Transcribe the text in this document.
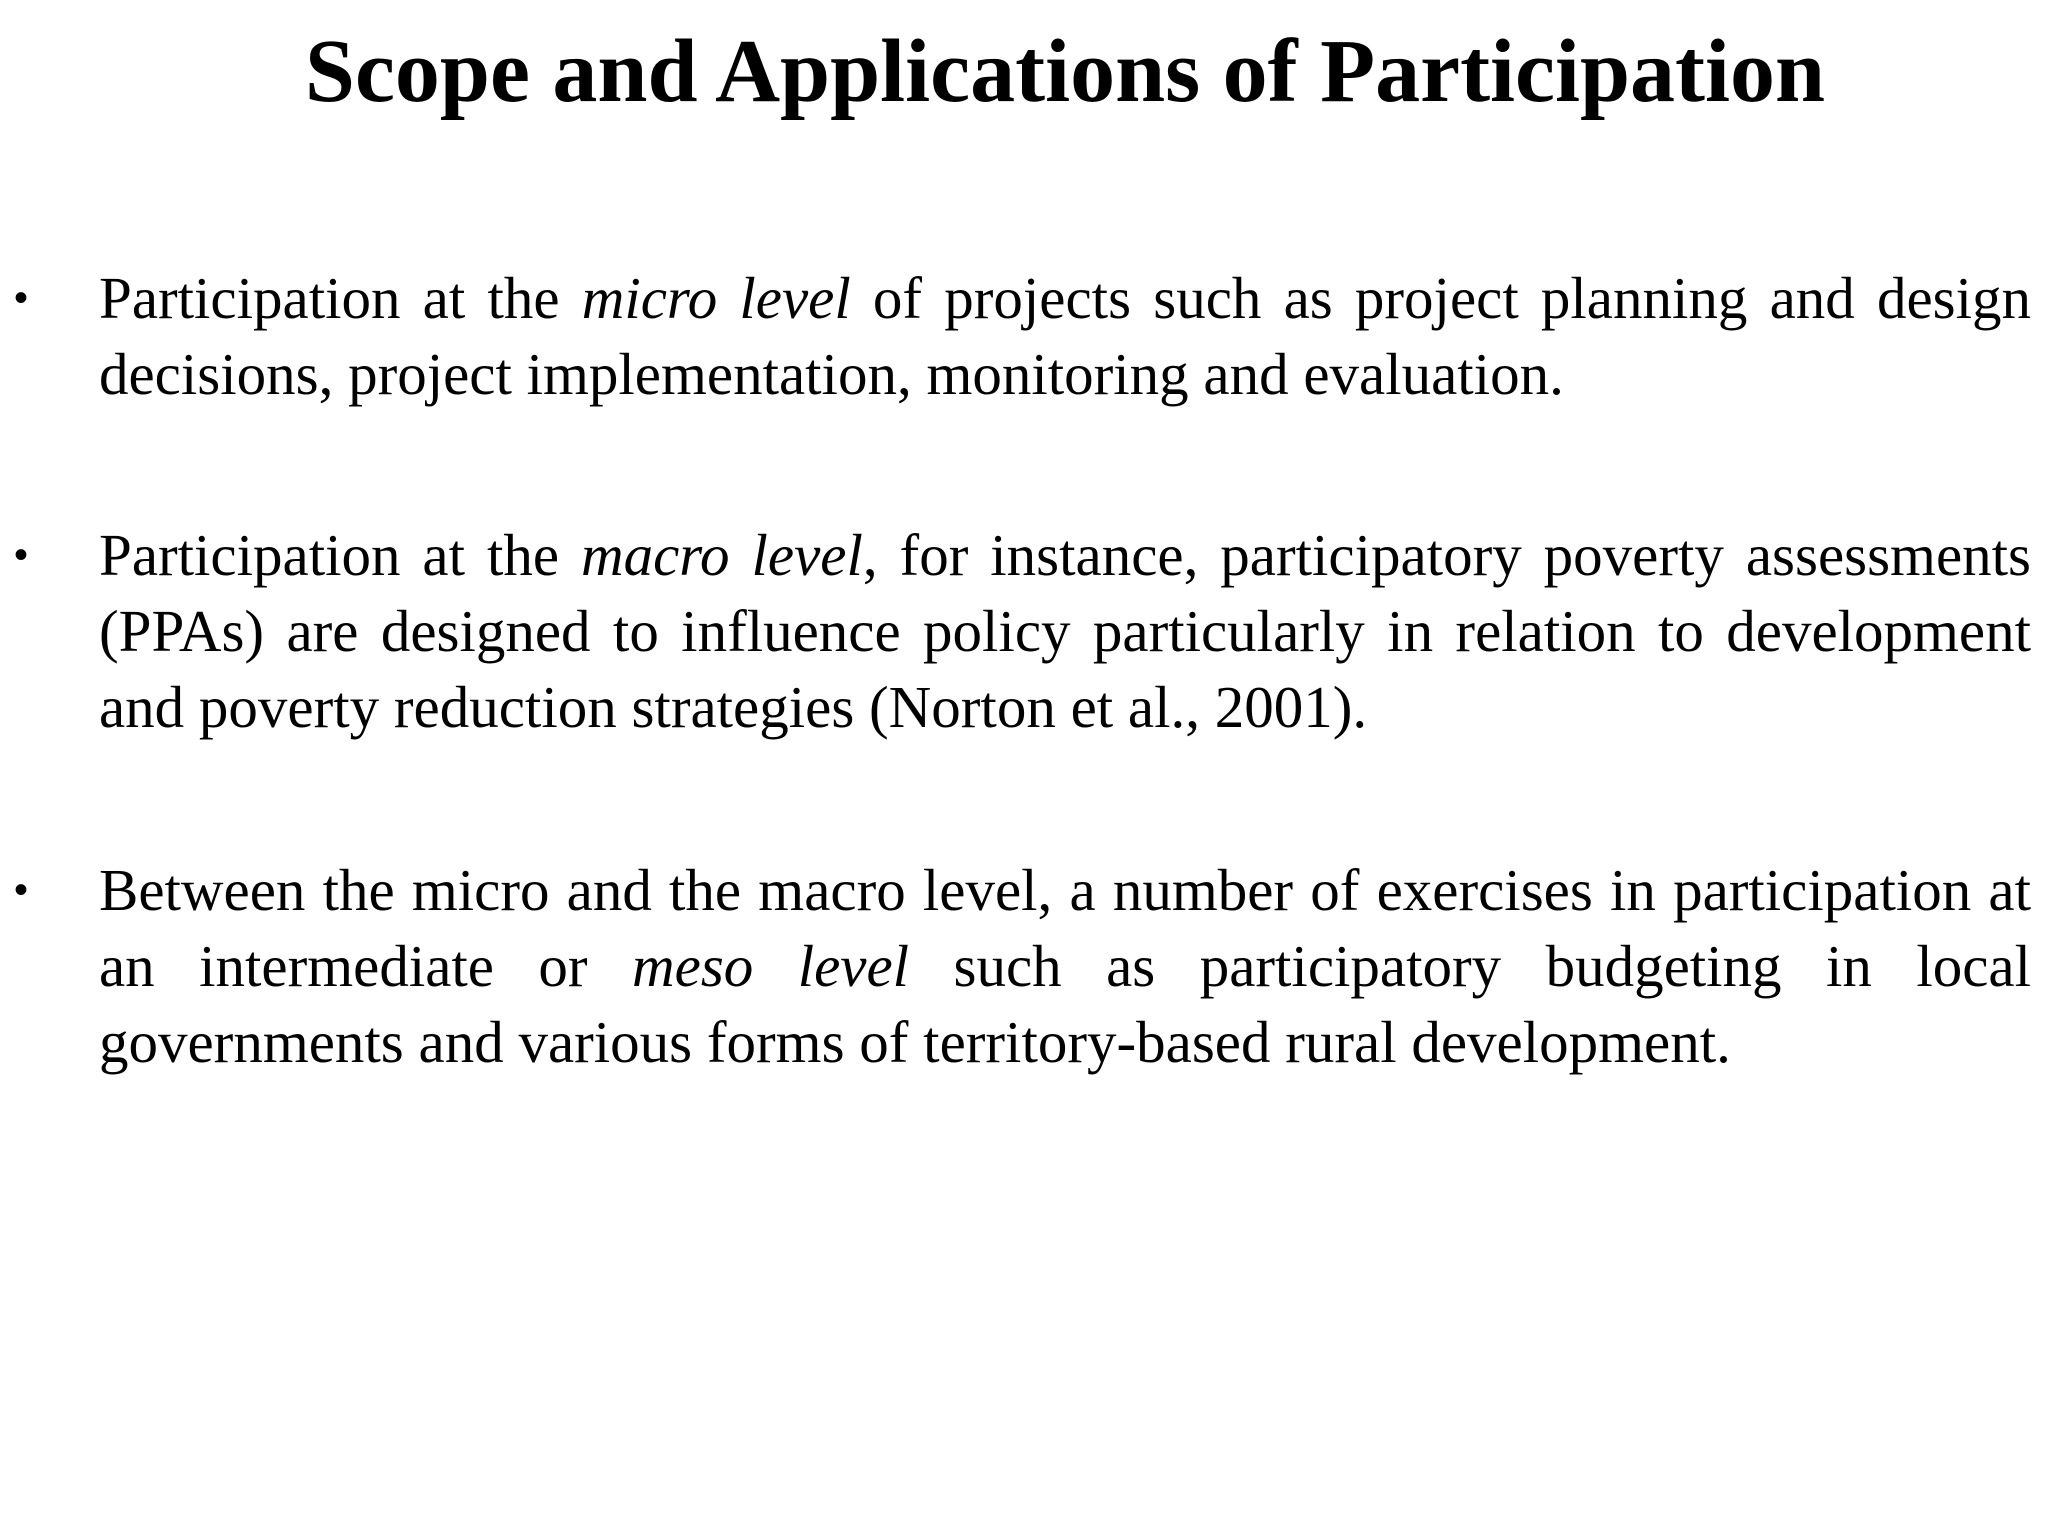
Scope and Applications of Participation
• Participation at the micro level of projects such as project planning and design decisions, project implementation, monitoring and evaluation.

• Participation at the macro level, for instance, participatory poverty assessments (PPAs) are designed to influence policy particularly in relation to development and poverty reduction strategies (Norton et al., 2001).

• Between the micro and the macro level, a number of exercises in participation at an intermediate or meso level such as participatory budgeting in local governments and various forms of territory-based rural development.
